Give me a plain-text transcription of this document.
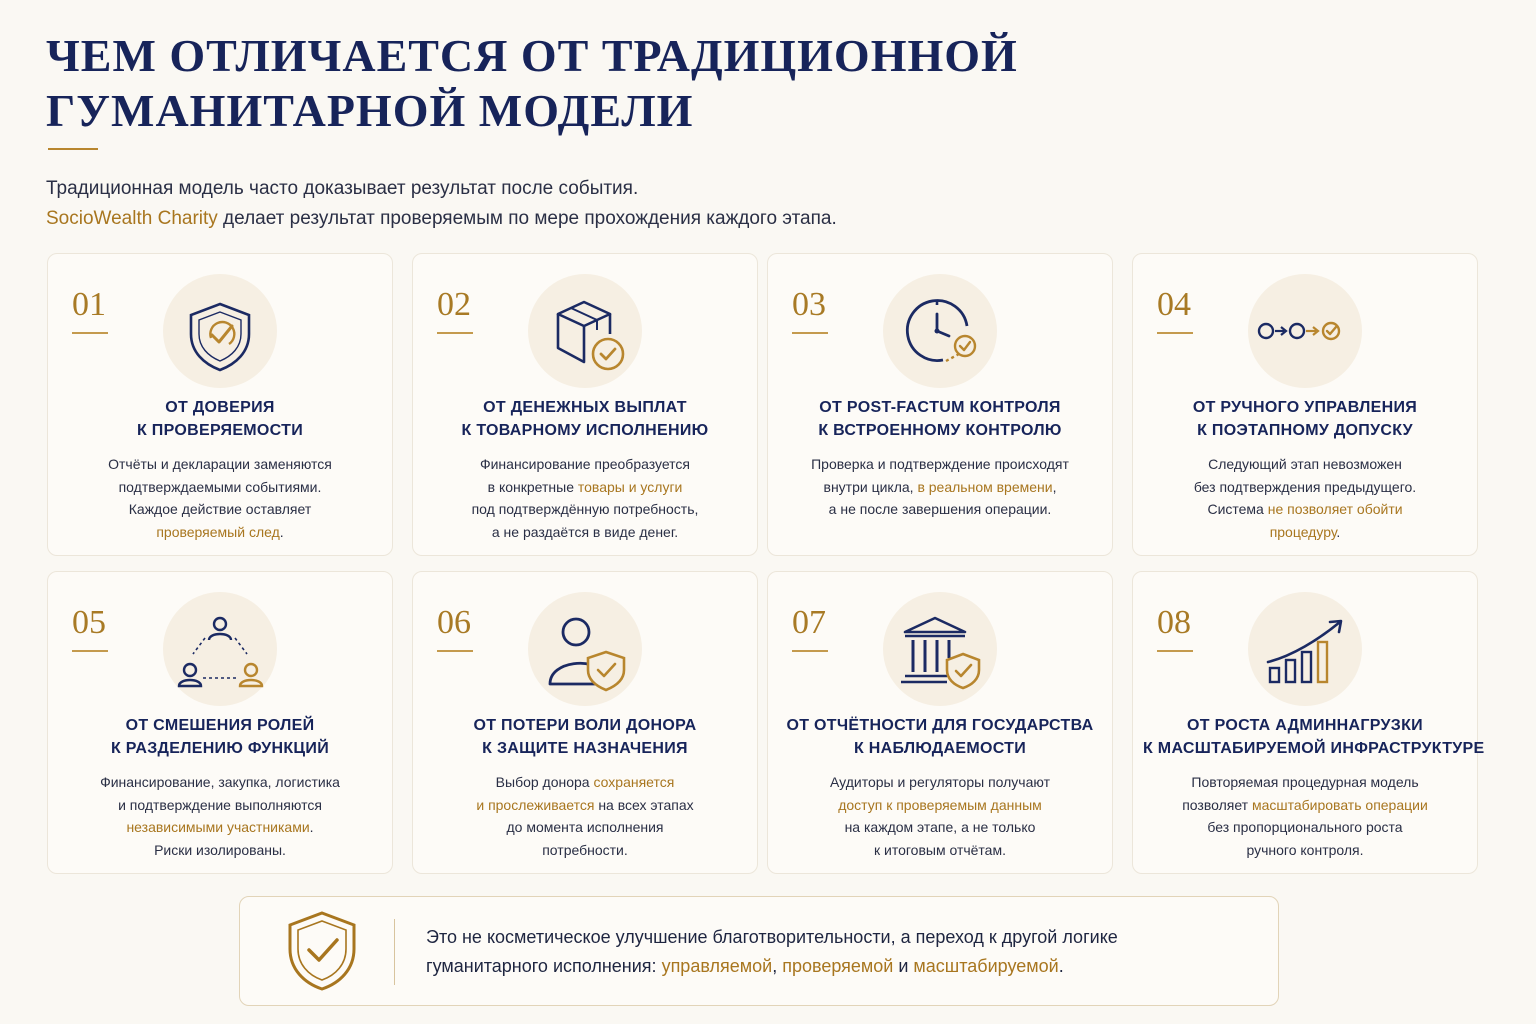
ЧЕМ ОТЛИЧАЕТСЯ ОТ ТРАДИЦИОННОЙ
ГУМАНИТАРНОЙ МОДЕЛИ
Традиционная модель часто доказывает результат после события.
SocioWealth Charity делает результат проверяемым по мере прохождения каждого этапа.
01
ОТ ДОВЕРИЯ
К ПРОВЕРЯЕМОСТИ
Отчёты и декларации заменяются
подтверждаемыми событиями.
Каждое действие оставляет
проверяемый след.
02
ОТ ДЕНЕЖНЫХ ВЫПЛАТ
К ТОВАРНОМУ ИСПОЛНЕНИЮ
Финансирование преобразуется
в конкретные товары и услуги
под подтверждённую потребность,
а не раздаётся в виде денег.
03
ОТ POST-FACTUM КОНТРОЛЯ
К ВСТРОЕННОМУ КОНТРОЛЮ
Проверка и подтверждение происходят
внутри цикла, в реальном времени,
а не после завершения операции.
04
ОТ РУЧНОГО УПРАВЛЕНИЯ
К ПОЭТАПНОМУ ДОПУСКУ
Следующий этап невозможен
без подтверждения предыдущего.
Система не позволяет обойти
процедуру.
05
ОТ СМЕШЕНИЯ РОЛЕЙ
К РАЗДЕЛЕНИЮ ФУНКЦИЙ
Финансирование, закупка, логистика
и подтверждение выполняются
независимыми участниками.
Риски изолированы.
06
ОТ ПОТЕРИ ВОЛИ ДОНОРА
К ЗАЩИТЕ НАЗНАЧЕНИЯ
Выбор донора сохраняется
и прослеживается на всех этапах
до момента исполнения
потребности.
07
ОТ ОТЧЁТНОСТИ ДЛЯ ГОСУДАРСТВА
К НАБЛЮДАЕМОСТИ
Аудиторы и регуляторы получают
доступ к проверяемым данным
на каждом этапе, а не только
к итоговым отчётам.
08
ОТ РОСТА АДМИННАГРУЗКИ
К МАСШТАБИРУЕМОЙ ИНФРАСТРУКТУРЕ
Повторяемая процедурная модель
позволяет масштабировать операции
без пропорционального роста
ручного контроля.
Это не косметическое улучшение благотворительности, а переход к другой логике
гуманитарного исполнения: управляемой, проверяемой и масштабируемой.
